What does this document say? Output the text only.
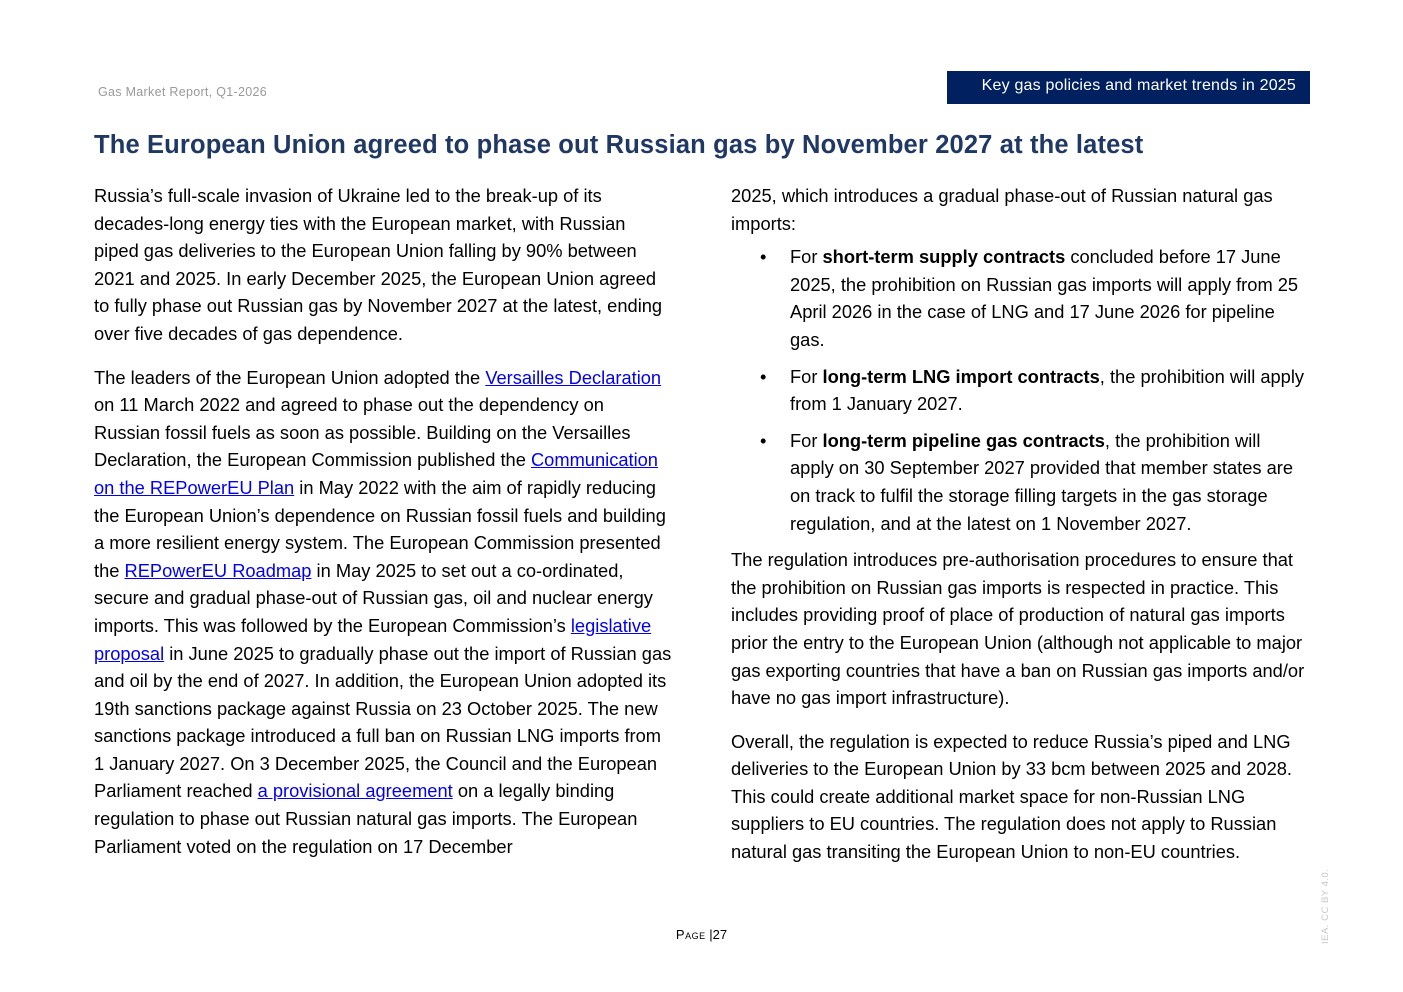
Gas Market Report, Q1-2026	Key gas policies and market trends in 2025
The European Union agreed to phase out Russian gas by November 2027 at the latest

Russia’s full-scale invasion of Ukraine led to the break-up of its decades-long energy ties with the European market, with Russian piped gas deliveries to the European Union falling by 90% between 2021 and 2025. In early December 2025, the European Union agreed to fully phase out Russian gas by November 2027 at the latest, ending over five decades of gas dependence.

The leaders of the European Union adopted the Versailles Declaration on 11 March 2022 and agreed to phase out the dependency on Russian fossil fuels as soon as possible. Building on the Versailles Declaration, the European Commission published the Communication on the REPowerEU Plan in May 2022 with the aim of rapidly reducing the European Union’s dependence on Russian fossil fuels and building a more resilient energy system. The European Commission presented the REPowerEU Roadmap in May 2025 to set out a co-ordinated, secure and gradual phase-out of Russian gas, oil and nuclear energy imports. This was followed by the European Commission’s legislative proposal in June 2025 to gradually phase out the import of Russian gas and oil by the end of 2027. In addition, the European Union adopted its 19th sanctions package against Russia on 23 October 2025. The new sanctions package introduced a full ban on Russian LNG imports from 1 January 2027. On 3 December 2025, the Council and the European Parliament reached a provisional agreement on a legally binding regulation to phase out Russian natural gas imports. The European Parliament voted on the regulation on 17 December

2025, which introduces a gradual phase-out of Russian natural gas imports:

• For short-term supply contracts concluded before 17 June 2025, the prohibition on Russian gas imports will apply from 25 April 2026 in the case of LNG and 17 June 2026 for pipeline gas.
• For long-term LNG import contracts, the prohibition will apply from 1 January 2027.
• For long-term pipeline gas contracts, the prohibition will apply on 30 September 2027 provided that member states are on track to fulfil the storage filling targets in the gas storage regulation, and at the latest on 1 November 2027.

The regulation introduces pre-authorisation procedures to ensure that the prohibition on Russian gas imports is respected in practice. This includes providing proof of place of production of natural gas imports prior the entry to the European Union (although not applicable to major gas exporting countries that have a ban on Russian gas imports and/or have no gas import infrastructure).

Overall, the regulation is expected to reduce Russia’s piped and LNG deliveries to the European Union by 33 bcm between 2025 and 2028. This could create additional market space for non-Russian LNG suppliers to EU countries. The regulation does not apply to Russian natural gas transiting the European Union to non-EU countries.

Page |27	IEA. CC BY 4.0.
